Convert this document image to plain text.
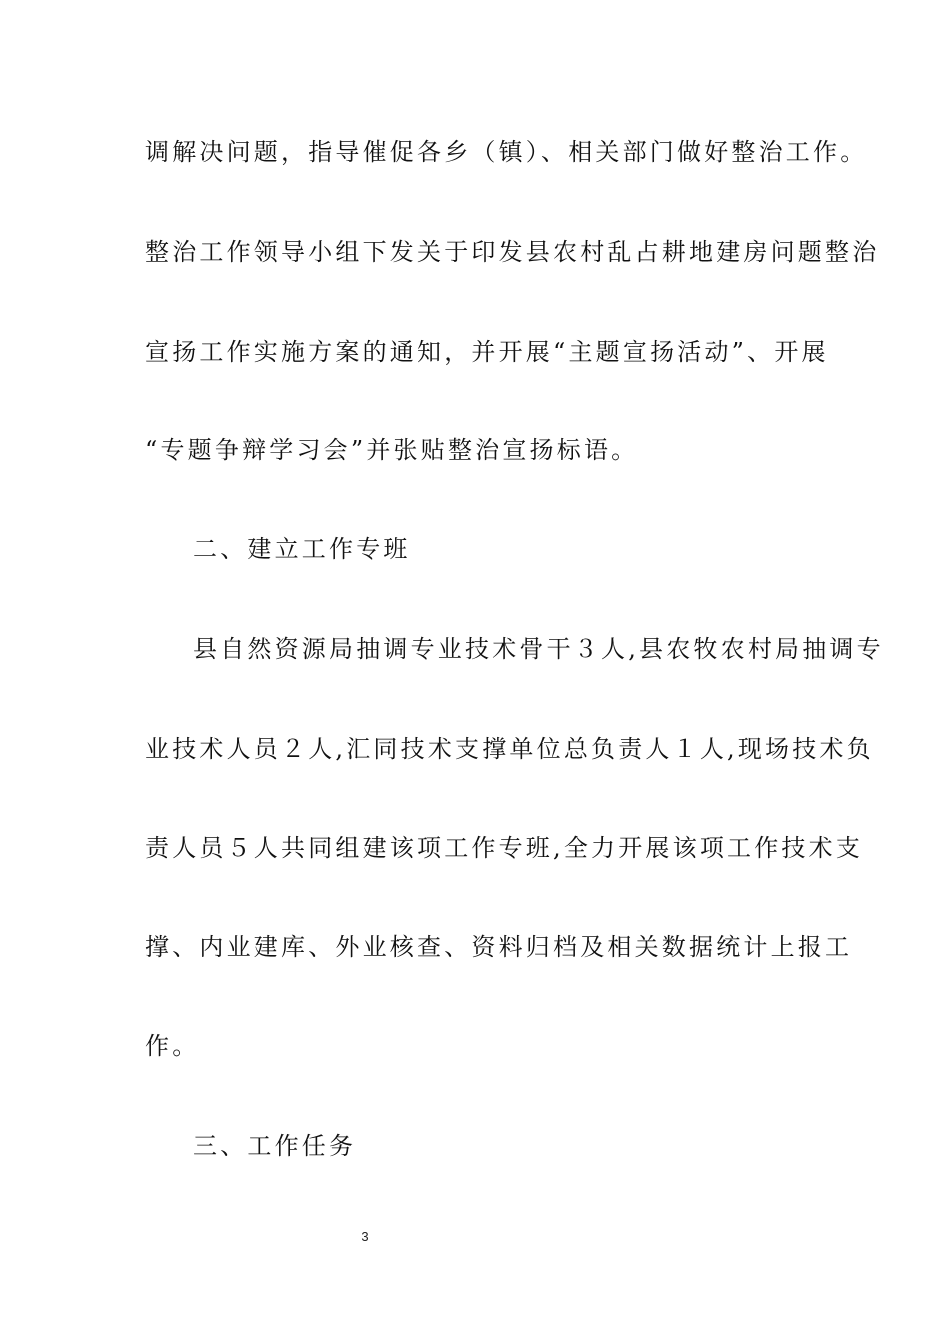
调解决问题，指导催促各乡（镇）、相关部门做好整治工作。

整治工作领导小组下发关于印发县农村乱占耕地建房问题整治

宣扬工作实施方案的通知，并开展“主题宣扬活动”、开展

“专题争辩学习会”并张贴整治宣扬标语。

二、建立工作专班

县自然资源局抽调专业技术骨干３人,县农牧农村局抽调专

业技术人员２人,汇同技术支撑单位总负责人１人,现场技术负

责人员５人共同组建该项工作专班,全力开展该项工作技术支

撑、内业建库、外业核查、资料归档及相关数据统计上报工

作。

三、工作任务

3
